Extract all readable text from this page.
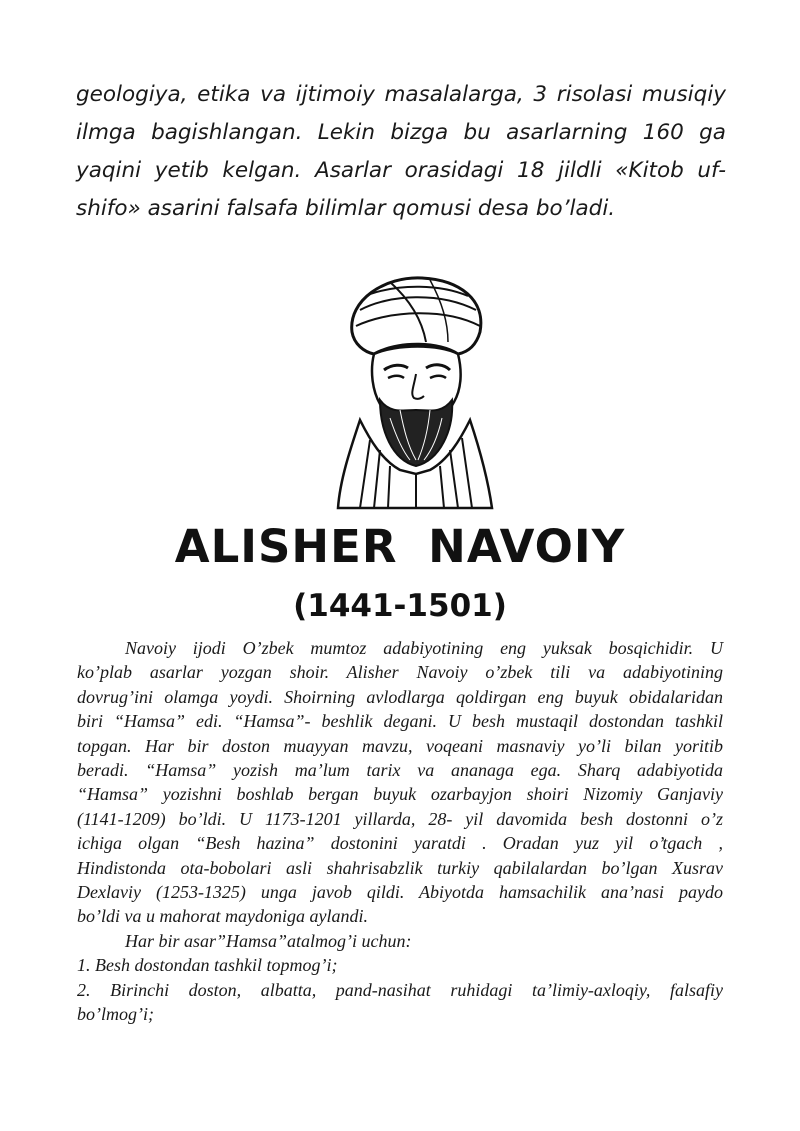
geologiya, etika va ijtimoiy masalalarga, 3 risolasi musiqiy
ilmga bagishlangan. Lekin bizga bu asarlarning 160 ga
yaqini yetib kelgan. Asarlar orasidagi 18 jildli «Kitob uf-
shifo» asarini falsafa bilimlar qomusi desa bo’ladi.
ALISHER NAVOIY
(1441-1501)
Navoiy ijodi O’zbek mumtoz adabiyotining eng yuksak bosqichidir. U
ko’plab asarlar yozgan shoir. Alisher Navoiy o’zbek tili va adabiyotining
dovrug’ini olamga yoydi. Shoirning avlodlarga qoldirgan eng buyuk obidalaridan
biri “Hamsa” edi. “Hamsa”- beshlik degani. U besh mustaqil dostondan tashkil
topgan. Har bir doston muayyan mavzu, voqeani masnaviy yo’li bilan yoritib
beradi. “Hamsa” yozish ma’lum tarix va ananaga ega. Sharq adabiyotida
“Hamsa” yozishni boshlab bergan buyuk ozarbayjon shoiri Nizomiy Ganjaviy
(1141-1209) bo’ldi. U 1173-1201 yillarda, 28- yil davomida besh dostonni o’z
ichiga olgan “Besh hazina” dostonini yaratdi . Oradan yuz yil o’tgach ,
Hindistonda ota-bobolari asli shahrisabzlik turkiy qabilalardan bo’lgan Xusrav
Dexlaviy (1253-1325) unga javob qildi. Abiyotda hamsachilik ana’nasi paydo
bo’ldi va u mahorat maydoniga aylandi.
Har bir asar”Hamsa”atalmog’i uchun:
1. Besh dostondan tashkil topmog’i;
2. Birinchi doston, albatta, pand-nasihat ruhidagi ta’limiy-axloqiy, falsafiy
bo’lmog’i;
